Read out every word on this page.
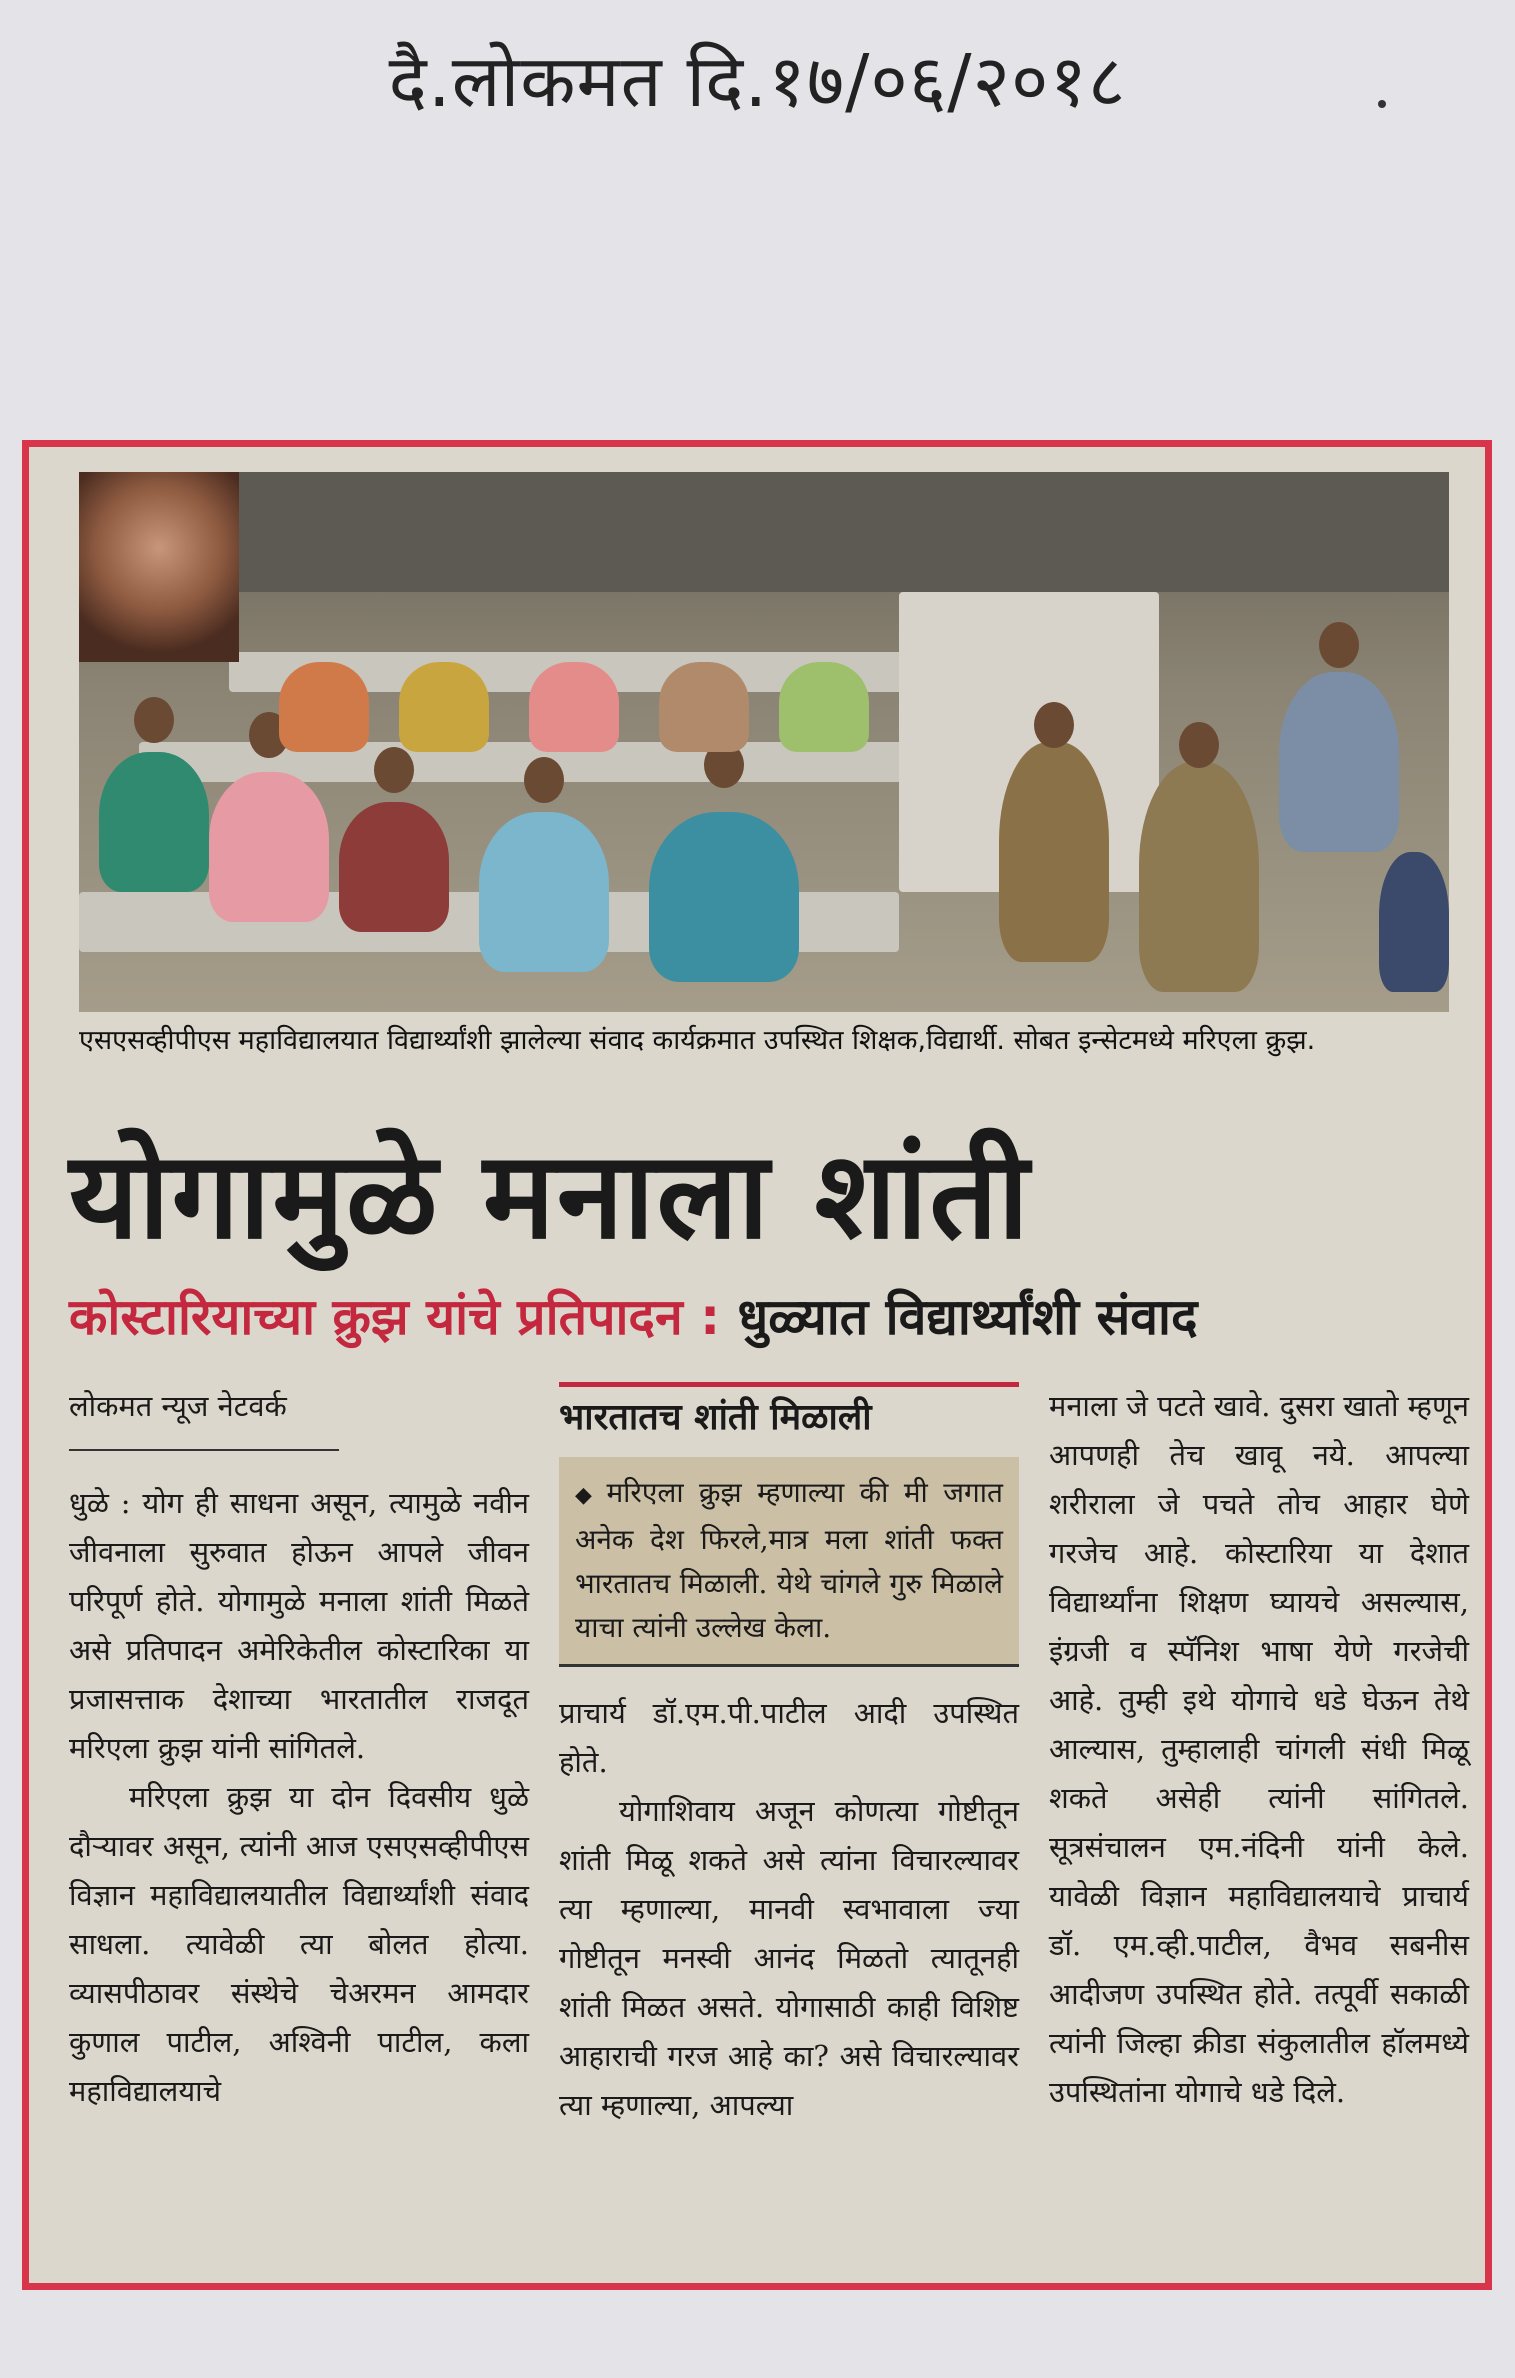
दै.लोकमत दि.१७/०६/२०१८
एसएसव्हीपीएस महाविद्यालयात विद्यार्थ्यांशी झालेल्या संवाद कार्यक्रमात उपस्थित शिक्षक,विद्यार्थी. सोबत इन्सेटमध्ये मरिएला क्रुझ.
योगामुळे मनाला शांती
कोस्टारियाच्या क्रुझ यांचे प्रतिपादन : धुळ्यात विद्यार्थ्यांशी संवाद
लोकमत न्यूज नेटवर्क

धुळे : योग ही साधना असून, त्यामुळे नवीन जीवनाला सुरुवात होऊन आपले जीवन परिपूर्ण होते. योगामुळे मनाला शांती मिळते असे प्रतिपादन अमेरिकेतील कोस्टारिका या प्रजासत्ताक देशाच्या भारतातील राजदूत मरिएला क्रुझ यांनी सांगितले.

मरिएला क्रुझ या दोन दिवसीय धुळे दौऱ्यावर असून, त्यांनी आज एसएसव्हीपीएस विज्ञान महाविद्यालयातील विद्यार्थ्यांशी संवाद साधला. त्यावेळी त्या बोलत होत्या. व्यासपीठावर संस्थेचे चेअरमन आमदार कुणाल पाटील, अश्विनी पाटील, कला महाविद्यालयाचे

भारतातच शांती मिळाली
◆ मरिएला क्रुझ म्हणाल्या की मी जगात अनेक देश फिरले,मात्र मला शांती फक्त भारतातच मिळाली. येथे चांगले गुरु मिळाले याचा त्यांनी उल्लेख केला.

प्राचार्य डॉ.एम.पी.पाटील आदी उपस्थित होते.

योगाशिवाय अजून कोणत्या गोष्टीतून शांती मिळू शकते असे त्यांना विचारल्यावर त्या म्हणाल्या, मानवी स्वभावाला ज्या गोष्टीतून मनस्वी आनंद मिळतो त्यातूनही शांती मिळत असते. योगासाठी काही विशिष्ट आहाराची गरज आहे का? असे विचारल्यावर त्या म्हणाल्या, आपल्या

मनाला जे पटते खावे. दुसरा खातो म्हणून आपणही तेच खावू नये. आपल्या शरीराला जे पचते तोच आहार घेणे गरजेच आहे. कोस्टारिया या देशात विद्यार्थ्यांना शिक्षण घ्यायचे असल्यास, इंग्रजी व स्पॅनिश भाषा येणे गरजेची आहे. तुम्ही इथे योगाचे धडे घेऊन तेथे आल्यास, तुम्हालाही चांगली संधी मिळू शकते असेही त्यांनी सांगितले. सूत्रसंचालन एम.नंदिनी यांनी केले. यावेळी विज्ञान महाविद्यालयाचे प्राचार्य डॉ. एम.व्ही.पाटील, वैभव सबनीस आदीजण उपस्थित होते. तत्पूर्वी सकाळी त्यांनी जिल्हा क्रीडा संकुलातील हॉलमध्ये उपस्थितांना योगाचे धडे दिले.
